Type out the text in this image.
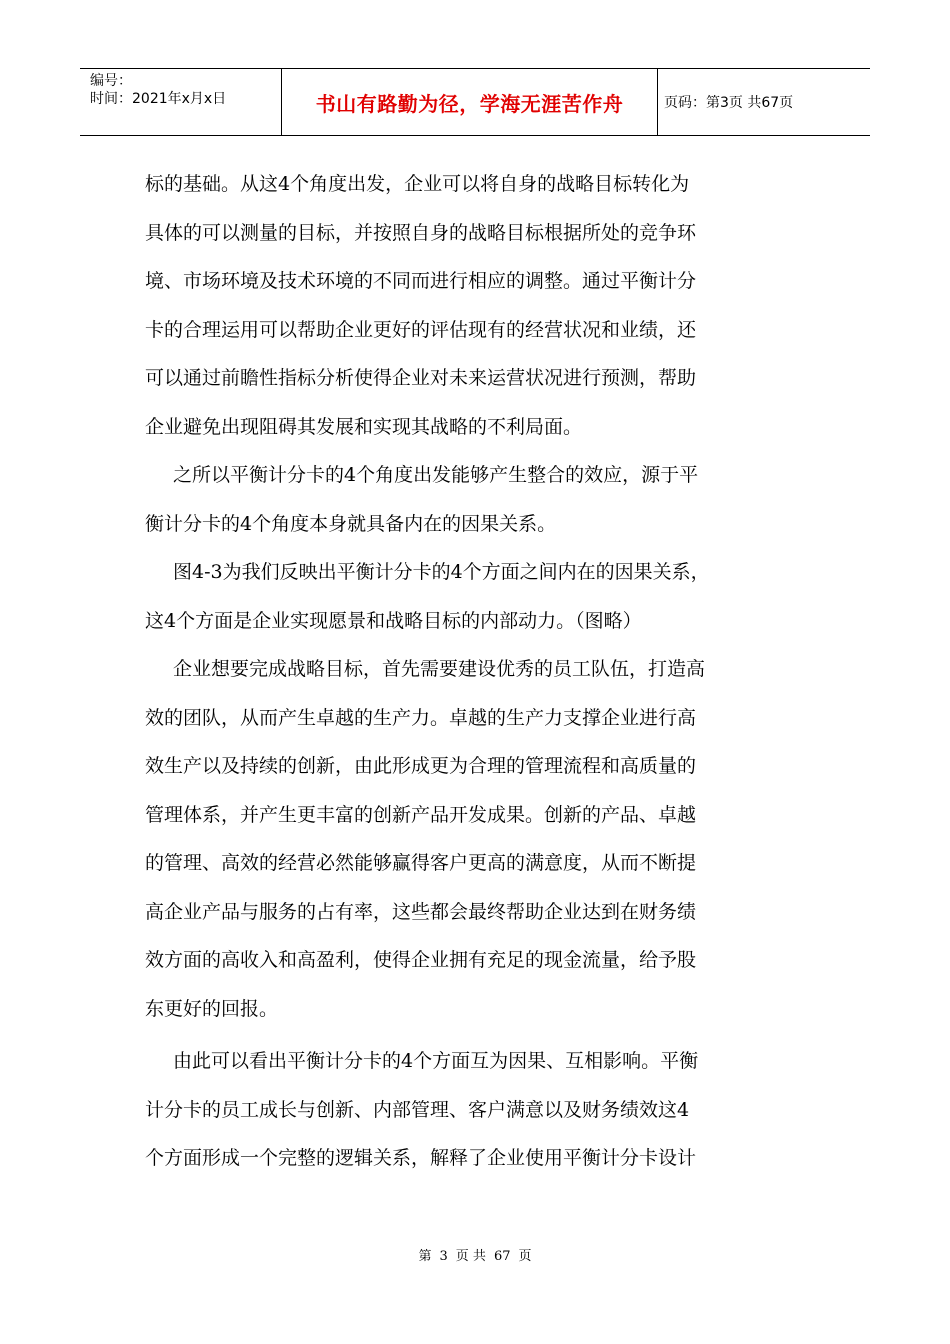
编号：
时间：2021年x月x日	书山有路勤为径，学海无涯苦作舟	页码：第3页 共67页

标的基础。从这4个角度出发，企业可以将自身的战略目标转化为
具体的可以测量的目标，并按照自身的战略目标根据所处的竞争环
境、市场环境及技术环境的不同而进行相应的调整。通过平衡计分
卡的合理运用可以帮助企业更好的评估现有的经营状况和业绩，还
可以通过前瞻性指标分析使得企业对未来运营状况进行预测，帮助
企业避免出现阻碍其发展和实现其战略的不利局面。

之所以平衡计分卡的4个角度出发能够产生整合的效应，源于平
衡计分卡的4个角度本身就具备内在的因果关系。

图4-3为我们反映出平衡计分卡的4个方面之间内在的因果关系，
这4个方面是企业实现愿景和战略目标的内部动力。（图略）

企业想要完成战略目标，首先需要建设优秀的员工队伍，打造高
效的团队，从而产生卓越的生产力。卓越的生产力支撑企业进行高
效生产以及持续的创新，由此形成更为合理的管理流程和高质量的
管理体系，并产生更丰富的创新产品开发成果。创新的产品、卓越
的管理、高效的经营必然能够赢得客户更高的满意度，从而不断提
高企业产品与服务的占有率，这些都会最终帮助企业达到在财务绩
效方面的高收入和高盈利，使得企业拥有充足的现金流量，给予股
东更好的回报。

由此可以看出平衡计分卡的4个方面互为因果、互相影响。平衡
计分卡的员工成长与创新、内部管理、客户满意以及财务绩效这4
个方面形成一个完整的逻辑关系，解释了企业使用平衡计分卡设计

第 3 页 共 67 页
